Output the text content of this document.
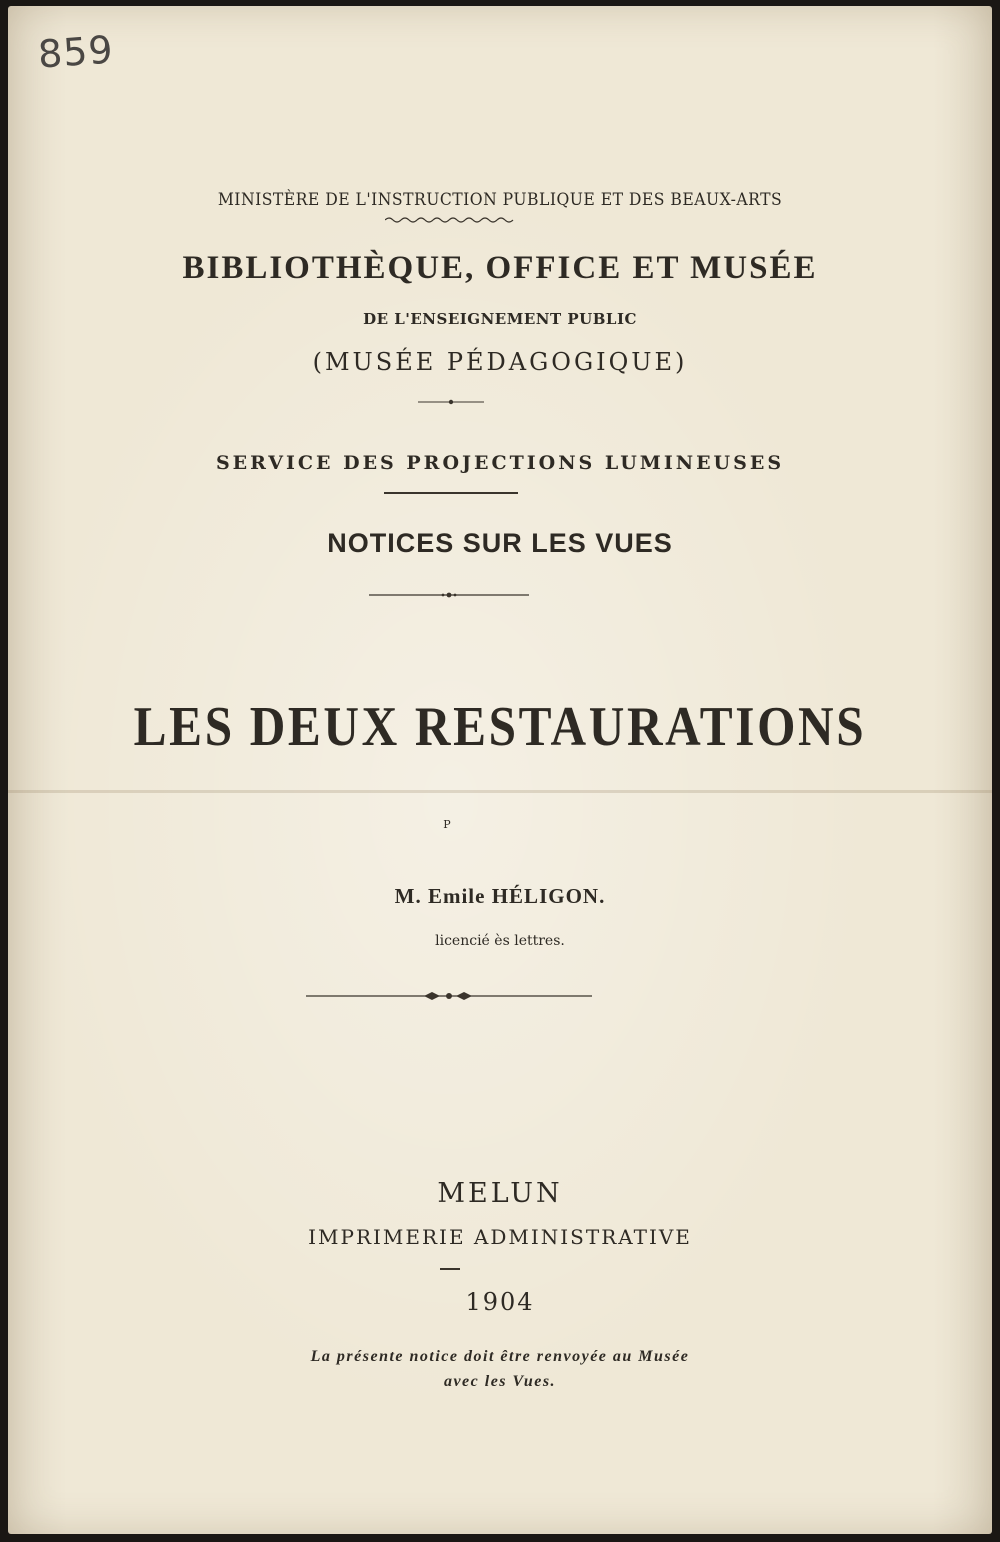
859
MINISTÈRE DE L'INSTRUCTION PUBLIQUE ET DES BEAUX-ARTS
BIBLIOTHÈQUE, OFFICE ET MUSÉE
DE L'ENSEIGNEMENT PUBLIC
(MUSÉE PÉDAGOGIQUE)
SERVICE DES PROJECTIONS LUMINEUSES
NOTICES SUR LES VUES
LES DEUX RESTAURATIONS
P
M. Emile HÉLIGON.
licencié ès lettres.
MELUN
IMPRIMERIE ADMINISTRATIVE
1904
La présente notice doit être renvoyée au Musée
avec les Vues.
